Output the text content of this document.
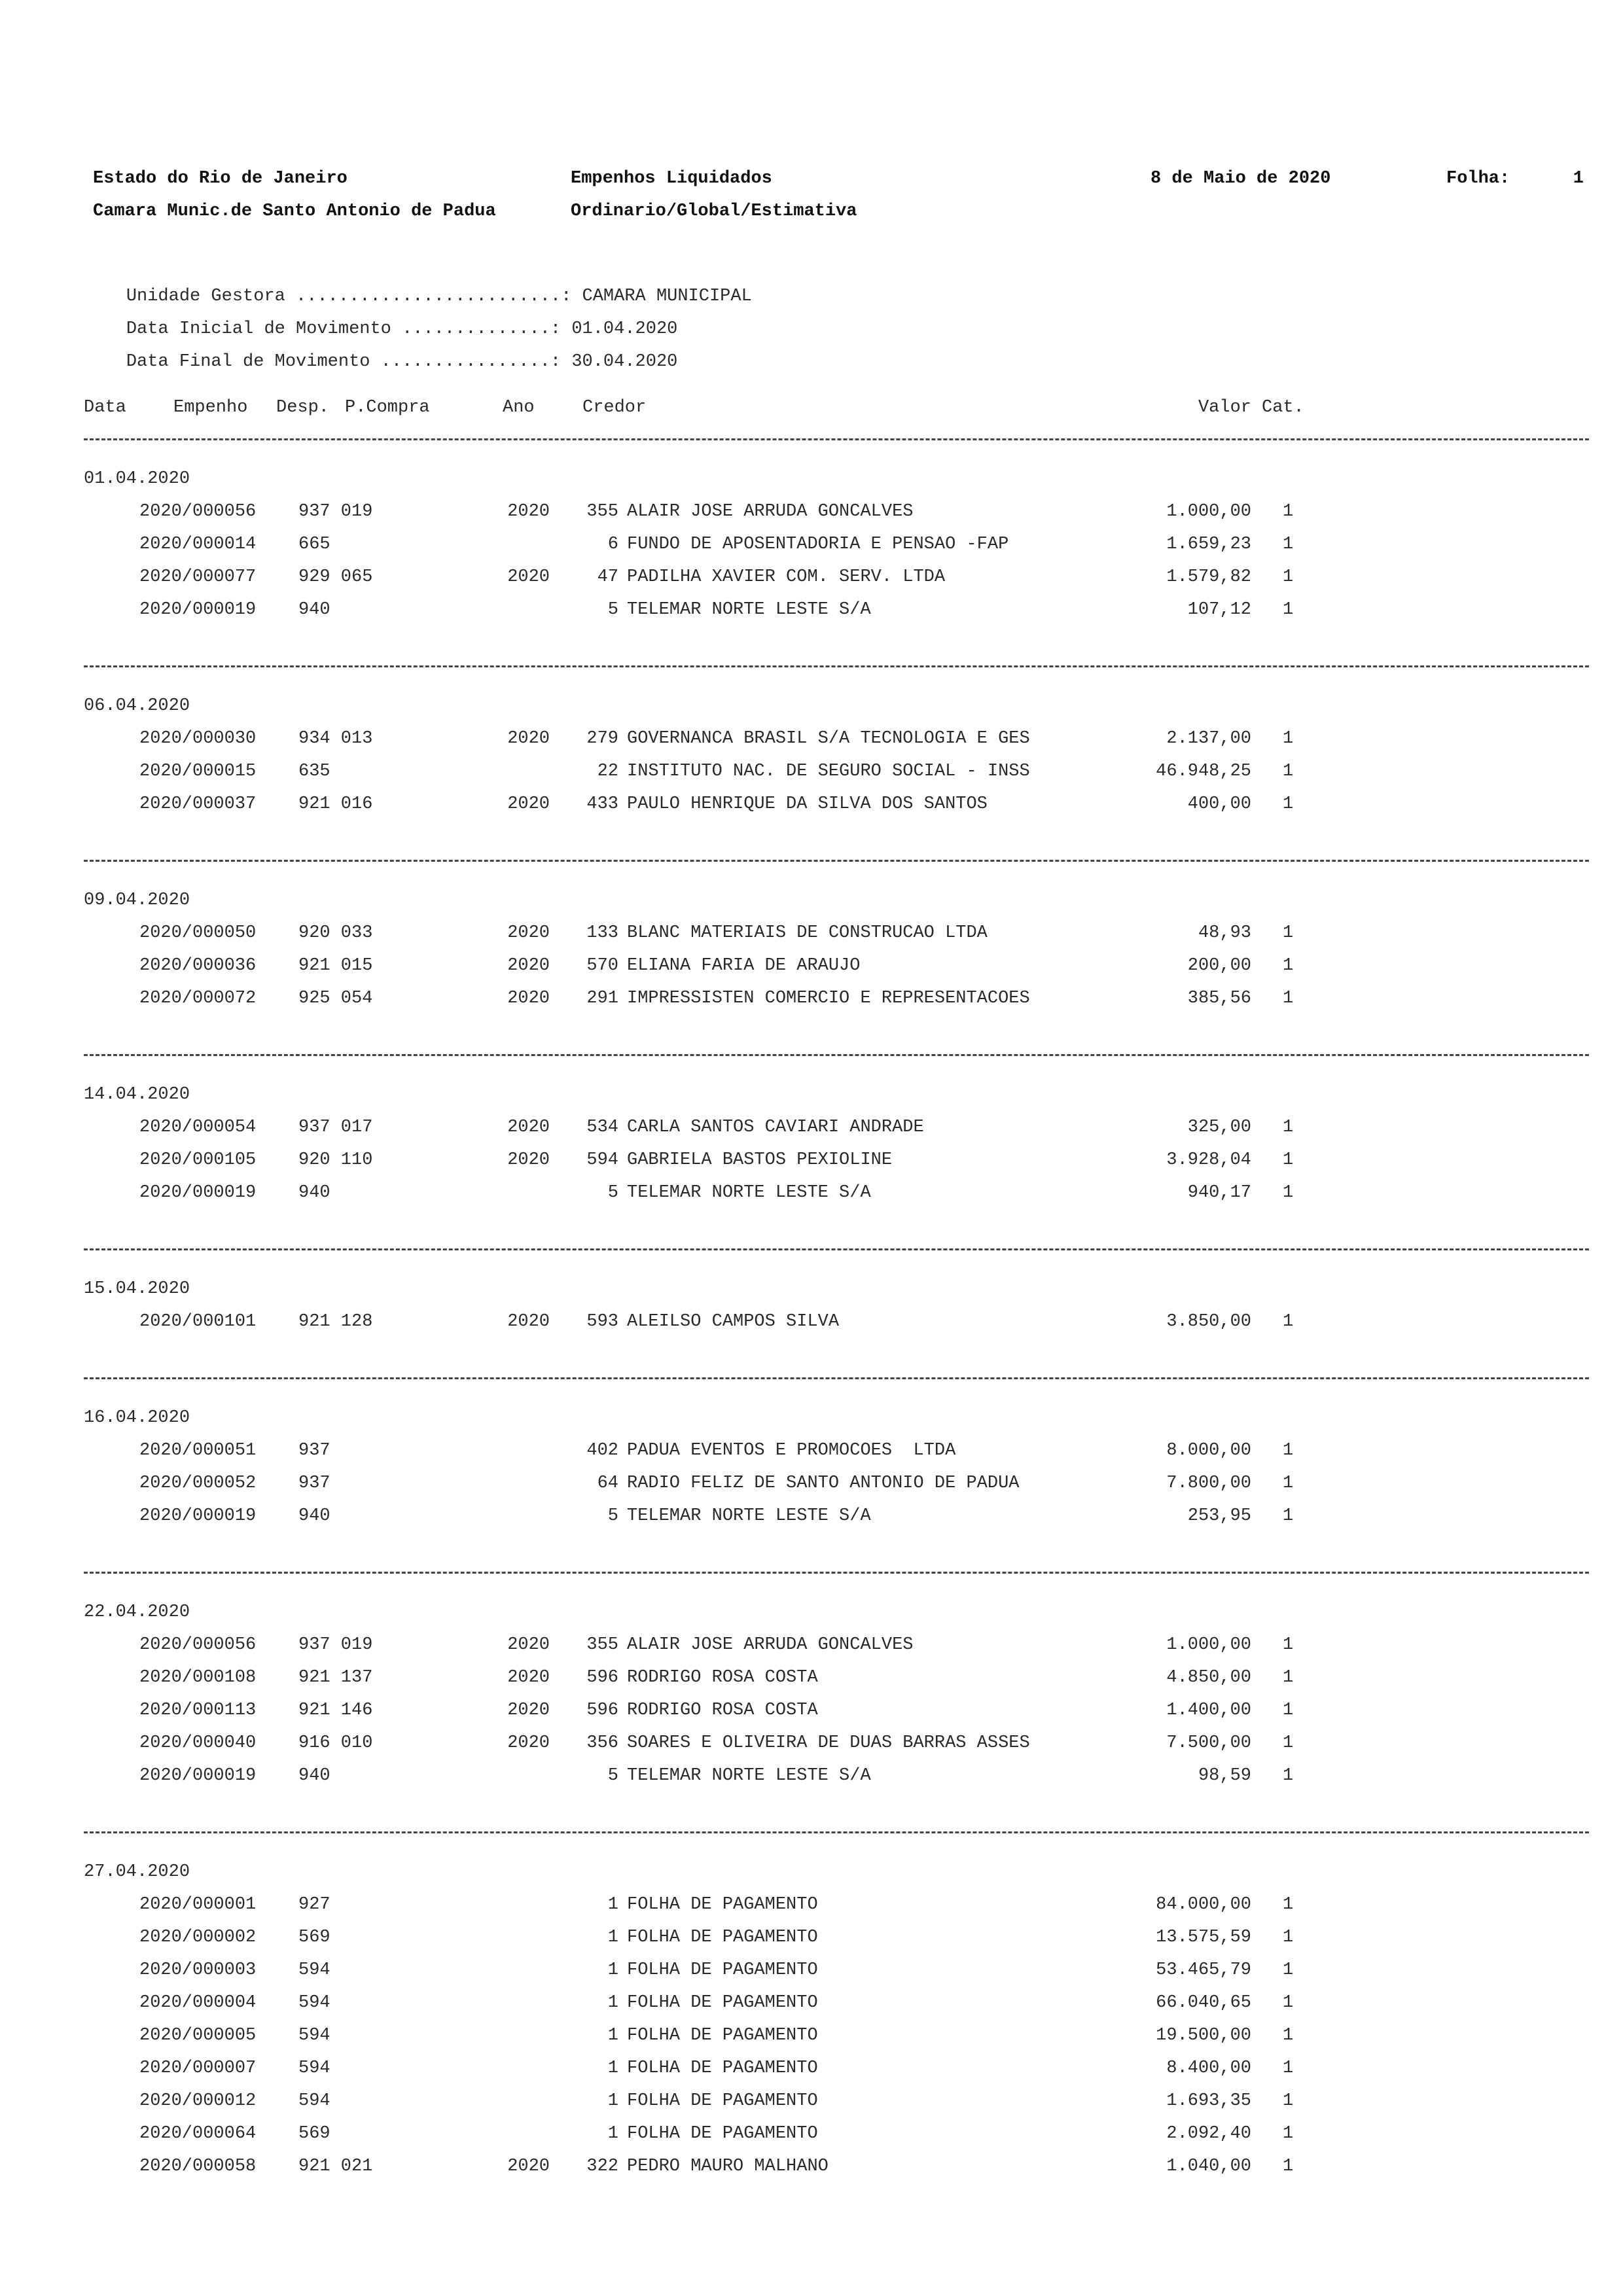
Estado do Rio de Janeiro
Camara Munic.de Santo Antonio de Padua
Empenhos Liquidados
Ordinario/Global/Estimativa
8 de Maio de 2020	Folha:	1

Unidade Gestora .........................: CAMARA MUNICIPAL

Data Inicial de Movimento ..............: 01.04.2020

Data Final de Movimento ................: 30.04.2020

Data	Empenho Desp. P.Compra	Ano	Credor	Valor Cat.
01.04.2020
2020/000056 937 019	2020	355 ALAIR JOSE ARRUDA GONCALVES	1.000,00 1
2020/000014 665	6 FUNDO DE APOSENTADORIA E PENSAO -FAP	1.659,23 1
2020/000077 929 065	2020	47 PADILHA XAVIER COM. SERV. LTDA	1.579,82 1
2020/000019 940	5 TELEMAR NORTE LESTE S/A	107,12 1
06.04.2020
2020/000030 934 013	2020	279 GOVERNANCA BRASIL S/A TECNOLOGIA E GES	2.137,00 1
2020/000015 635	22 INSTITUTO NAC. DE SEGURO SOCIAL - INSS	46.948,25 1
2020/000037 921 016	2020	433 PAULO HENRIQUE DA SILVA DOS SANTOS	400,00 1
09.04.2020
2020/000050 920 033	2020	133 BLANC MATERIAIS DE CONSTRUCAO LTDA	48,93 1
2020/000036 921 015	2020	570 ELIANA FARIA DE ARAUJO	200,00 1
2020/000072 925 054	2020	291 IMPRESSISTEN COMERCIO E REPRESENTACOES	385,56 1
14.04.2020
2020/000054 937 017	2020	534 CARLA SANTOS CAVIARI ANDRADE	325,00 1
2020/000105 920 110	2020	594 GABRIELA BASTOS PEXIOLINE	3.928,04 1
2020/000019 940	5 TELEMAR NORTE LESTE S/A	940,17 1
15.04.2020
2020/000101 921 128	2020	593 ALEILSO CAMPOS SILVA	3.850,00 1
16.04.2020
2020/000051 937	402 PADUA EVENTOS E PROMOCOES  LTDA	8.000,00 1
2020/000052 937	64 RADIO FELIZ DE SANTO ANTONIO DE PADUA	7.800,00 1
2020/000019 940	5 TELEMAR NORTE LESTE S/A	253,95 1
22.04.2020
2020/000056 937 019	2020	355 ALAIR JOSE ARRUDA GONCALVES	1.000,00 1
2020/000108 921 137	2020	596 RODRIGO ROSA COSTA	4.850,00 1
2020/000113 921 146	2020	596 RODRIGO ROSA COSTA	1.400,00 1
2020/000040 916 010	2020	356 SOARES E OLIVEIRA DE DUAS BARRAS ASSES	7.500,00 1
2020/000019 940	5 TELEMAR NORTE LESTE S/A	98,59 1
27.04.2020
2020/000001 927	1 FOLHA DE PAGAMENTO	84.000,00 1
2020/000002 569	1 FOLHA DE PAGAMENTO	13.575,59 1
2020/000003 594	1 FOLHA DE PAGAMENTO	53.465,79 1
2020/000004 594	1 FOLHA DE PAGAMENTO	66.040,65 1
2020/000005 594	1 FOLHA DE PAGAMENTO	19.500,00 1
2020/000007 594	1 FOLHA DE PAGAMENTO	8.400,00 1
2020/000012 594	1 FOLHA DE PAGAMENTO	1.693,35 1
2020/000064 569	1 FOLHA DE PAGAMENTO	2.092,40 1
2020/000058 921 021	2020	322 PEDRO MAURO MALHANO	1.040,00 1
